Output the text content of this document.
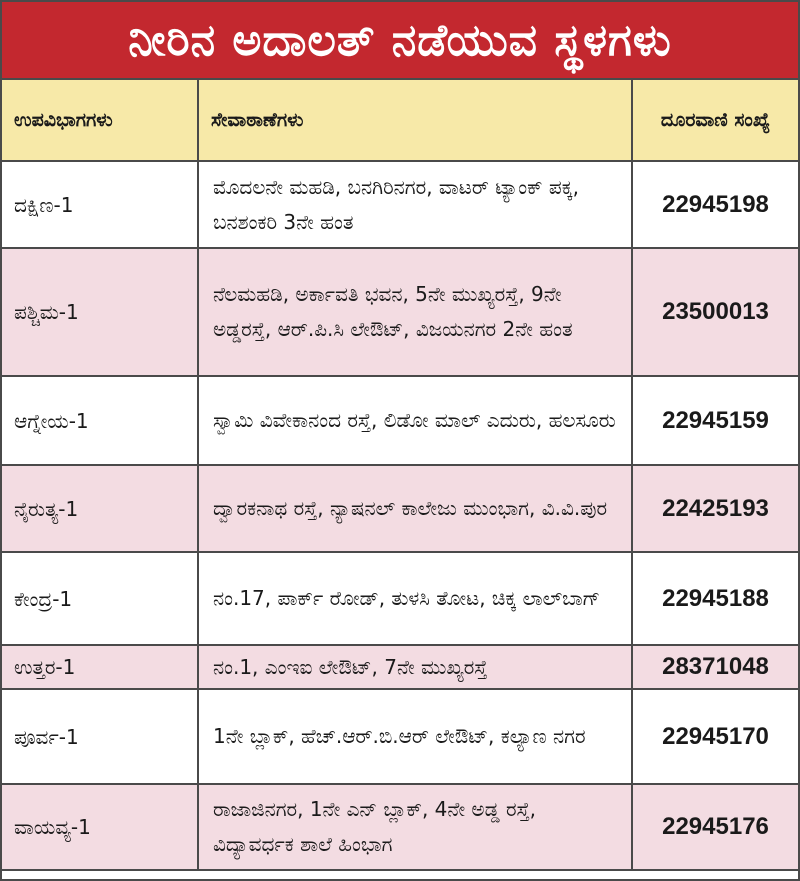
ನೀರಿನ ಅದಾಲತ್ ನಡೆಯುವ ಸ್ಥಳಗಳು
ಉಪವಿಭಾಗಗಳು	ಸೇವಾಠಾಣೆಗಳು	ದೂರವಾಣಿ ಸಂಖ್ಯೆ
ದಕ್ಷಿಣ-1	ಮೊದಲನೇ ಮಹಡಿ, ಬನಗಿರಿನಗರ, ವಾಟರ್ ಟ್ಯಾಂಕ್ ಪಕ್ಕ, ಬನಶಂಕರಿ 3ನೇ ಹಂತ	22945198
ಪಶ್ಚಿಮ-1	ನೆಲಮಹಡಿ, ಅರ್ಕಾವತಿ ಭವನ, 5ನೇ ಮುಖ್ಯರಸ್ತೆ, 9ನೇ ಅಡ್ಡರಸ್ತೆ, ಆರ್.ಪಿ.ಸಿ ಲೇಔಟ್, ವಿಜಯನಗರ 2ನೇ ಹಂತ	23500013
ಆಗ್ನೇಯ-1	ಸ್ವಾಮಿ ವಿವೇಕಾನಂದ ರಸ್ತೆ, ಲಿಡೋ ಮಾಲ್ ಎದುರು, ಹಲಸೂರು	22945159
ನೈರುತ್ಯ-1	ದ್ವಾರಕನಾಥ ರಸ್ತೆ, ನ್ಯಾಷನಲ್ ಕಾಲೇಜು ಮುಂಭಾಗ, ವಿ.ವಿ.ಪುರ	22425193
ಕೇಂದ್ರ-1	ನಂ.17, ಪಾರ್ಕ್ ರೋಡ್, ತುಳಸಿ ತೋಟ, ಚಿಕ್ಕ ಲಾಲ್‌ಬಾಗ್	22945188
ಉತ್ತರ-1	ನಂ.1, ಎಂಇಐ ಲೇಔಟ್, 7ನೇ ಮುಖ್ಯರಸ್ತೆ	28371048
ಪೂರ್ವ-1	1ನೇ ಬ್ಲಾಕ್, ಹೆಚ್.ಆರ್.ಬಿ.ಆರ್ ಲೇಔಟ್, ಕಲ್ಯಾಣ ನಗರ	22945170
ವಾಯವ್ಯ-1	ರಾಜಾಜಿನಗರ, 1ನೇ ಎನ್ ಬ್ಲಾಕ್, 4ನೇ ಅಡ್ಡ ರಸ್ತೆ, ವಿದ್ಯಾವರ್ಧಕ ಶಾಲೆ ಹಿಂಭಾಗ	22945176
